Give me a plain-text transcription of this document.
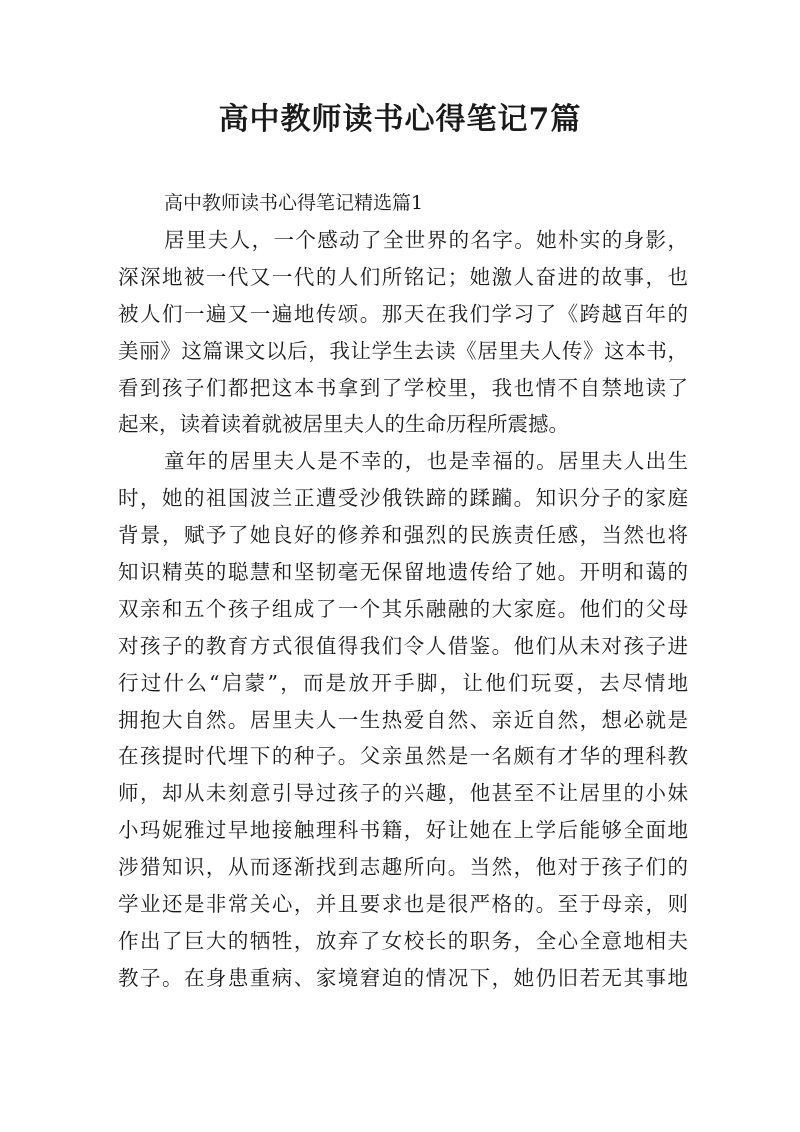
高中教师读书心得笔记7篇
高中教师读书心得笔记精选篇1
居里夫人，一个感动了全世界的名字。她朴实的身影，
深深地被一代又一代的人们所铭记；她激人奋进的故事，也
被人们一遍又一遍地传颂。那天在我们学习了《跨越百年的
美丽》这篇课文以后，我让学生去读《居里夫人传》这本书，
看到孩子们都把这本书拿到了学校里，我也情不自禁地读了
起来，读着读着就被居里夫人的生命历程所震撼。
童年的居里夫人是不幸的，也是幸福的。居里夫人出生
时，她的祖国波兰正遭受沙俄铁蹄的蹂躏。知识分子的家庭
背景，赋予了她良好的修养和强烈的民族责任感，当然也将
知识精英的聪慧和坚韧毫无保留地遗传给了她。开明和蔼的
双亲和五个孩子组成了一个其乐融融的大家庭。他们的父母
对孩子的教育方式很值得我们令人借鉴。他们从未对孩子进
行过什么“启蒙”，而是放开手脚，让他们玩耍，去尽情地
拥抱大自然。居里夫人一生热爱自然、亲近自然，想必就是
在孩提时代埋下的种子。父亲虽然是一名颇有才华的理科教
师，却从未刻意引导过孩子的兴趣，他甚至不让居里的小妹
小玛妮雅过早地接触理科书籍，好让她在上学后能够全面地
涉猎知识，从而逐渐找到志趣所向。当然，他对于孩子们的
学业还是非常关心，并且要求也是很严格的。至于母亲，则
作出了巨大的牺牲，放弃了女校长的职务，全心全意地相夫
教子。在身患重病、家境窘迫的情况下，她仍旧若无其事地
